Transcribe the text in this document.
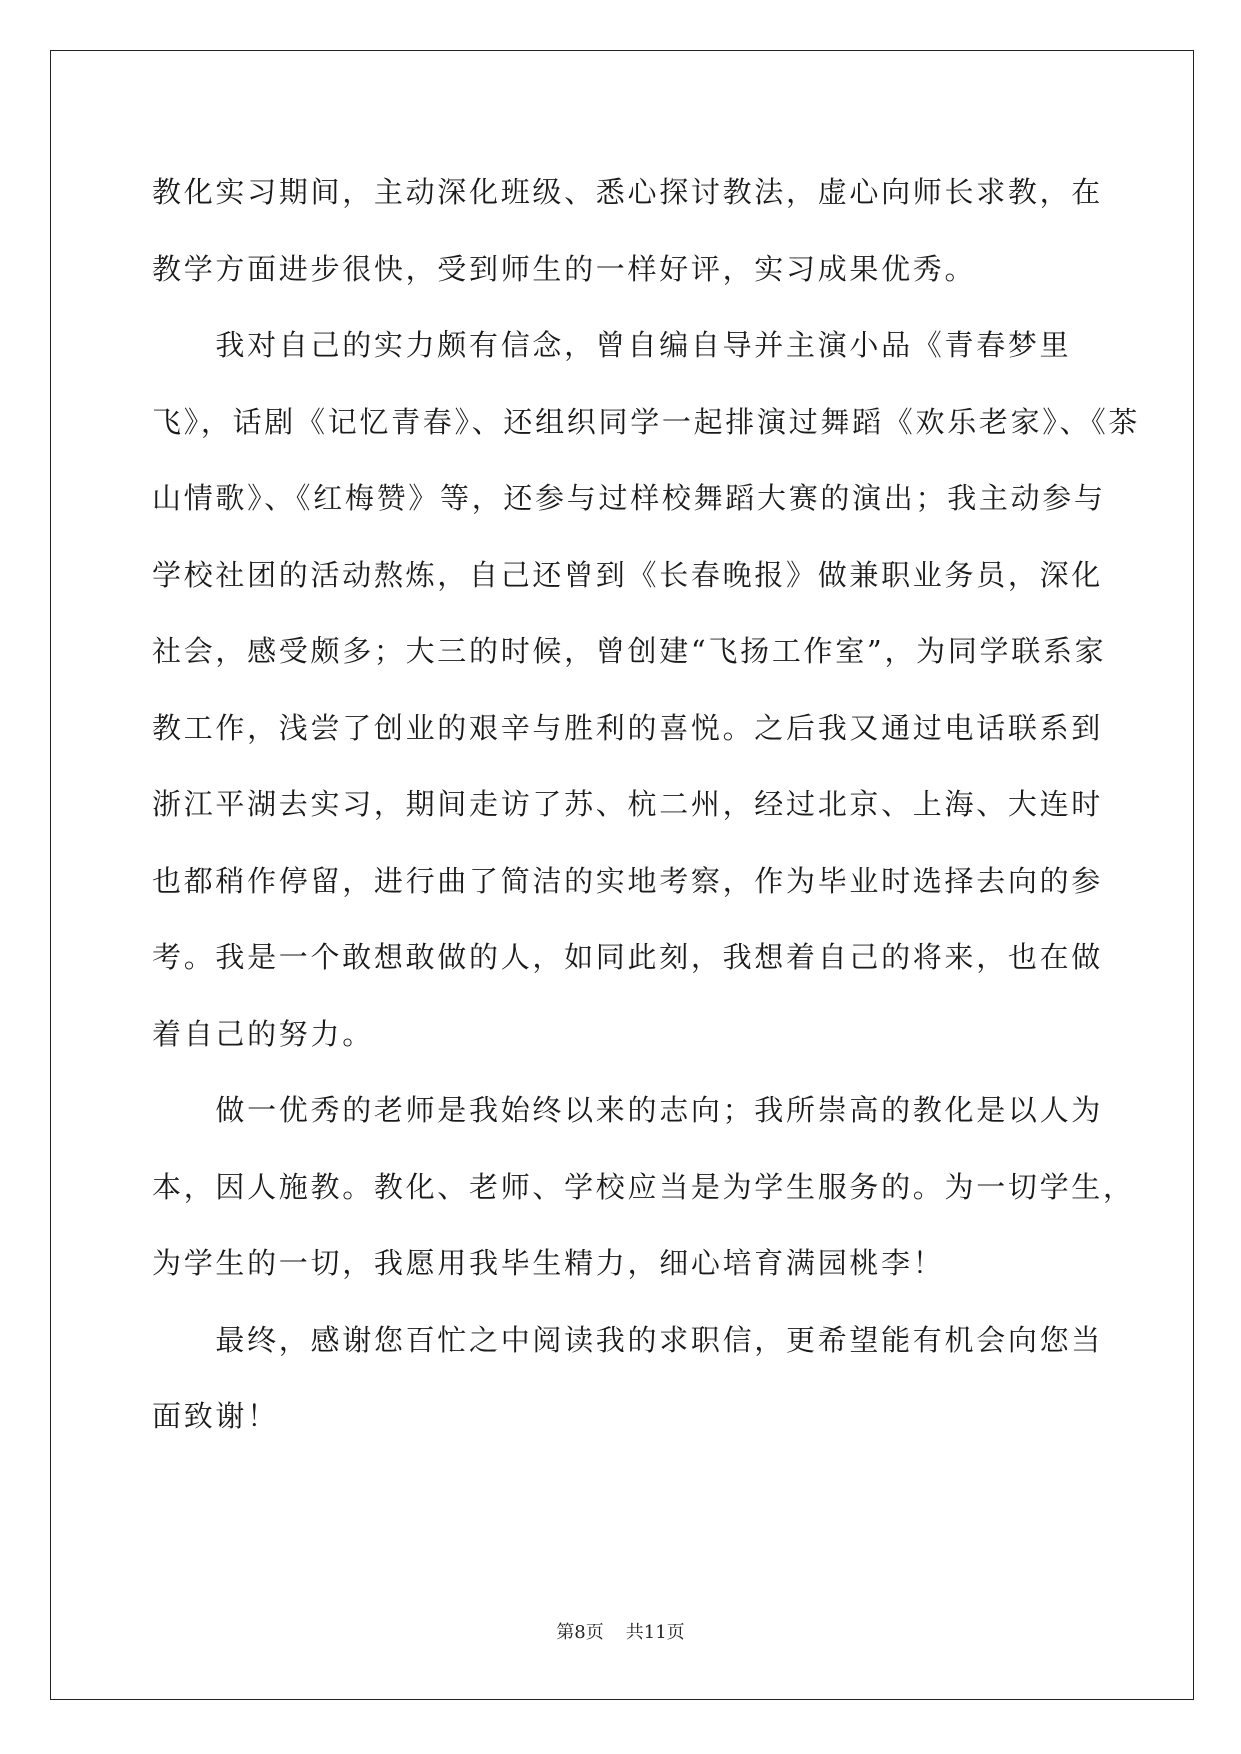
教化实习期间，主动深化班级、悉心探讨教法，虚心向师长求教，在
教学方面进步很快，受到师生的一样好评，实习成果优秀。

　　我对自己的实力颇有信念，曾自编自导并主演小品《青春梦里
飞》，话剧《记忆青春》、还组织同学一起排演过舞蹈《欢乐老家》、《茶
山情歌》、《红梅赞》等，还参与过样校舞蹈大赛的演出；我主动参与
学校社团的活动熬炼，自己还曾到《长春晚报》做兼职业务员，深化
社会，感受颇多；大三的时候，曾创建“飞扬工作室”，为同学联系家
教工作，浅尝了创业的艰辛与胜利的喜悦。之后我又通过电话联系到
浙江平湖去实习，期间走访了苏、杭二州，经过北京、上海、大连时
也都稍作停留，进行曲了简洁的实地考察，作为毕业时选择去向的参
考。我是一个敢想敢做的人，如同此刻，我想着自己的将来，也在做
着自己的努力。

　　做一优秀的老师是我始终以来的志向；我所崇高的教化是以人为
本，因人施教。教化、老师、学校应当是为学生服务的。为一切学生，
为学生的一切，我愿用我毕生精力，细心培育满园桃李！

　　最终，感谢您百忙之中阅读我的求职信，更希望能有机会向您当
面致谢！

第8页 共11页
